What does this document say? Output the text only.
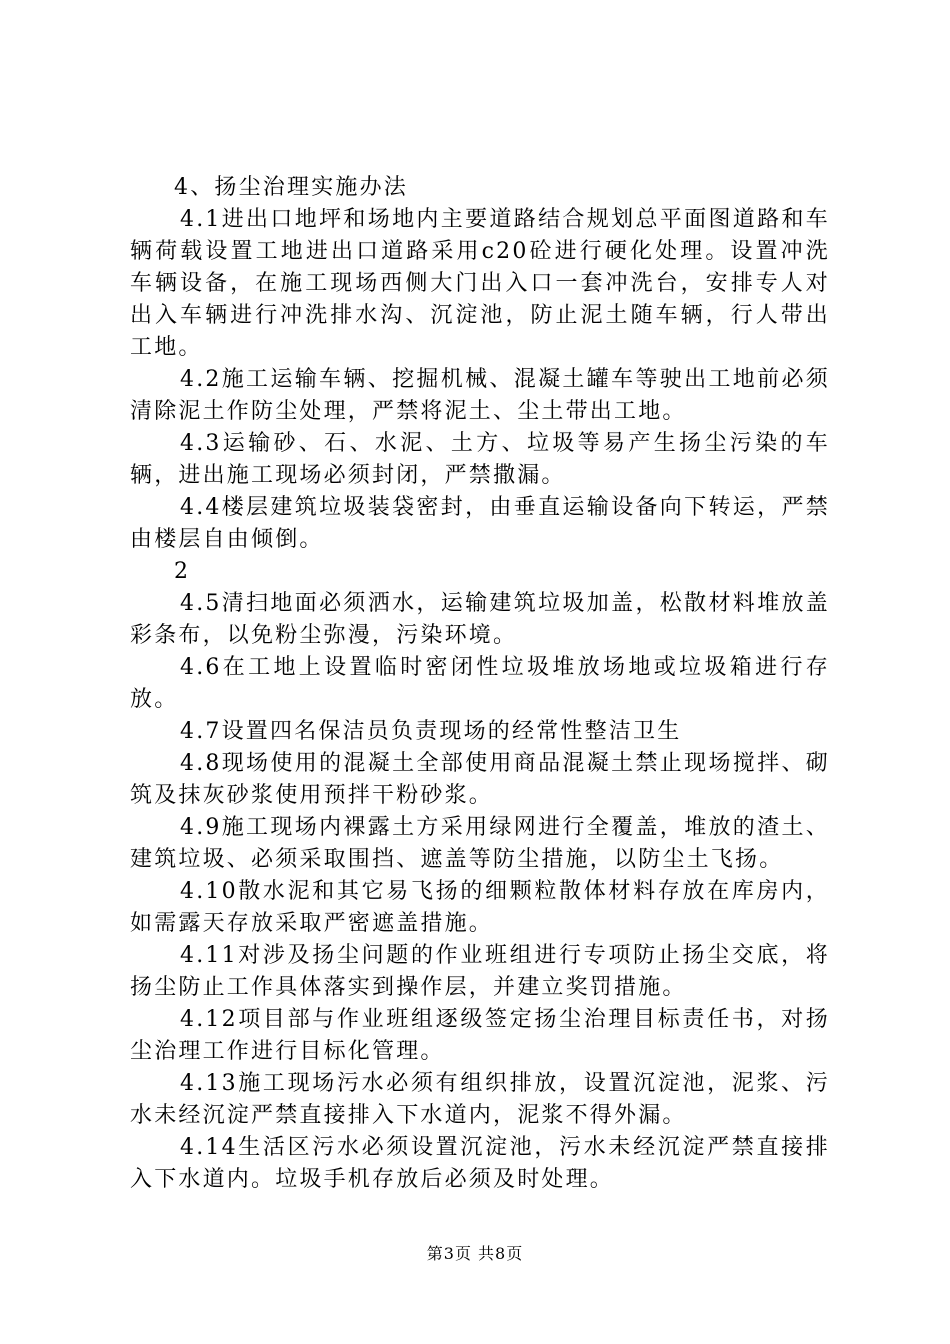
4、扬尘治理实施办法

4.1进出口地坪和场地内主要道路结合规划总平面图道路和车辆荷载设置工地进出口道路采用c20砼进行硬化处理。设置冲洗车辆设备，在施工现场西侧大门出入口一套冲洗台，安排专人对出入车辆进行冲洗排水沟、沉淀池，防止泥土随车辆，行人带出工地。

4.2施工运输车辆、挖掘机械、混凝土罐车等驶出工地前必须清除泥土作防尘处理，严禁将泥土、尘土带出工地。

4.3运输砂、石、水泥、土方、垃圾等易产生扬尘污染的车辆，进出施工现场必须封闭，严禁撒漏。

4.4楼层建筑垃圾装袋密封，由垂直运输设备向下转运，严禁由楼层自由倾倒。

2

4.5清扫地面必须洒水，运输建筑垃圾加盖，松散材料堆放盖彩条布，以免粉尘弥漫，污染环境。

4.6在工地上设置临时密闭性垃圾堆放场地或垃圾箱进行存放。

4.7设置四名保洁员负责现场的经常性整洁卫生

4.8现场使用的混凝土全部使用商品混凝土禁止现场搅拌、砌筑及抹灰砂浆使用预拌干粉砂浆。

4.9施工现场内裸露土方采用绿网进行全覆盖，堆放的渣土、建筑垃圾、必须采取围挡、遮盖等防尘措施，以防尘土飞扬。

4.10散水泥和其它易飞扬的细颗粒散体材料存放在库房内，如需露天存放采取严密遮盖措施。

4.11对涉及扬尘问题的作业班组进行专项防止扬尘交底，将扬尘防止工作具体落实到操作层，并建立奖罚措施。

4.12项目部与作业班组逐级签定扬尘治理目标责任书，对扬尘治理工作进行目标化管理。

4.13施工现场污水必须有组织排放，设置沉淀池，泥浆、污水未经沉淀严禁直接排入下水道内，泥浆不得外漏。

4.14生活区污水必须设置沉淀池，污水未经沉淀严禁直接排入下水道内。垃圾手机存放后必须及时处理。

第3页 共8页
